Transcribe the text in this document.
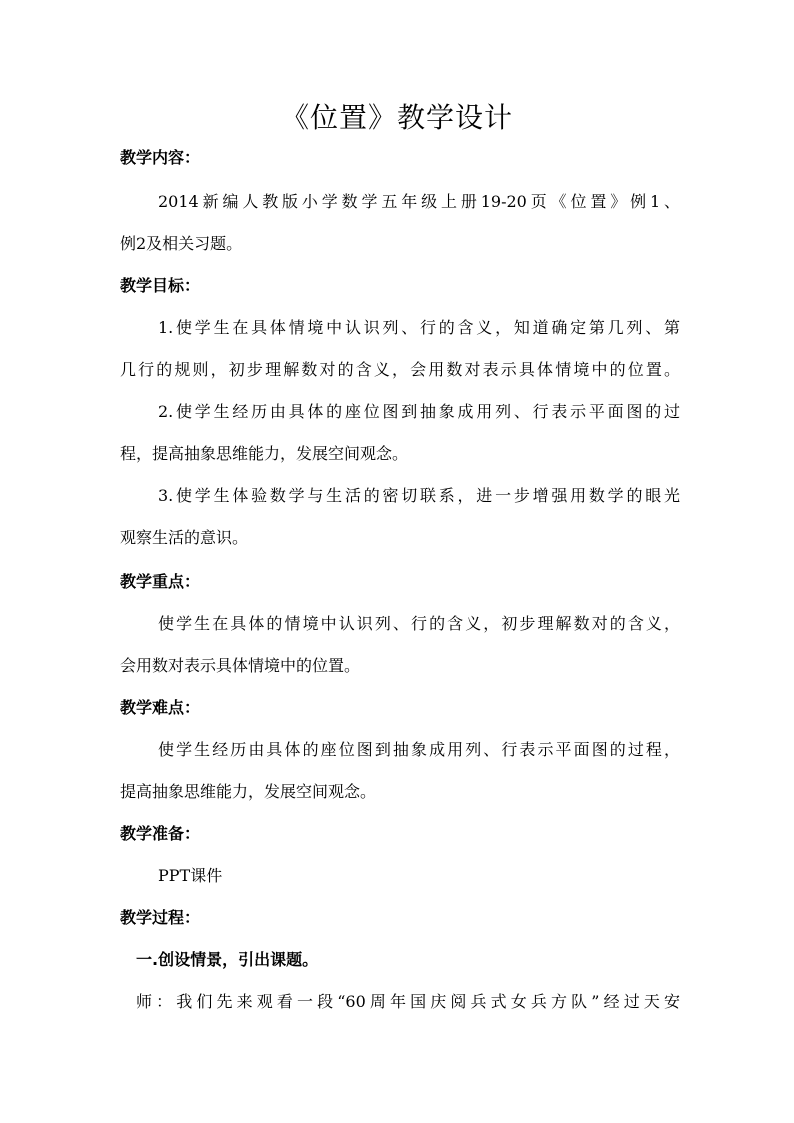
《位置》教学设计
教学内容：
2014新编人教版小学数学五年级上册19-20页《位置》例1、
例2及相关习题。
教学目标：
1.使学生在具体情境中认识列、行的含义，知道确定第几列、第
几行的规则，初步理解数对的含义，会用数对表示具体情境中的位置。
2.使学生经历由具体的座位图到抽象成用列、行表示平面图的过
程，提高抽象思维能力，发展空间观念。
3.使学生体验数学与生活的密切联系，进一步增强用数学的眼光
观察生活的意识。
教学重点：
使学生在具体的情境中认识列、行的含义，初步理解数对的含义，
会用数对表示具体情境中的位置。
教学难点：
使学生经历由具体的座位图到抽象成用列、行表示平面图的过程，
提高抽象思维能力，发展空间观念。
教学准备：
PPT课件
教学过程：
一.创设情景，引出课题。
师：我们先来观看一段“60周年国庆阅兵式女兵方队”经过天安
